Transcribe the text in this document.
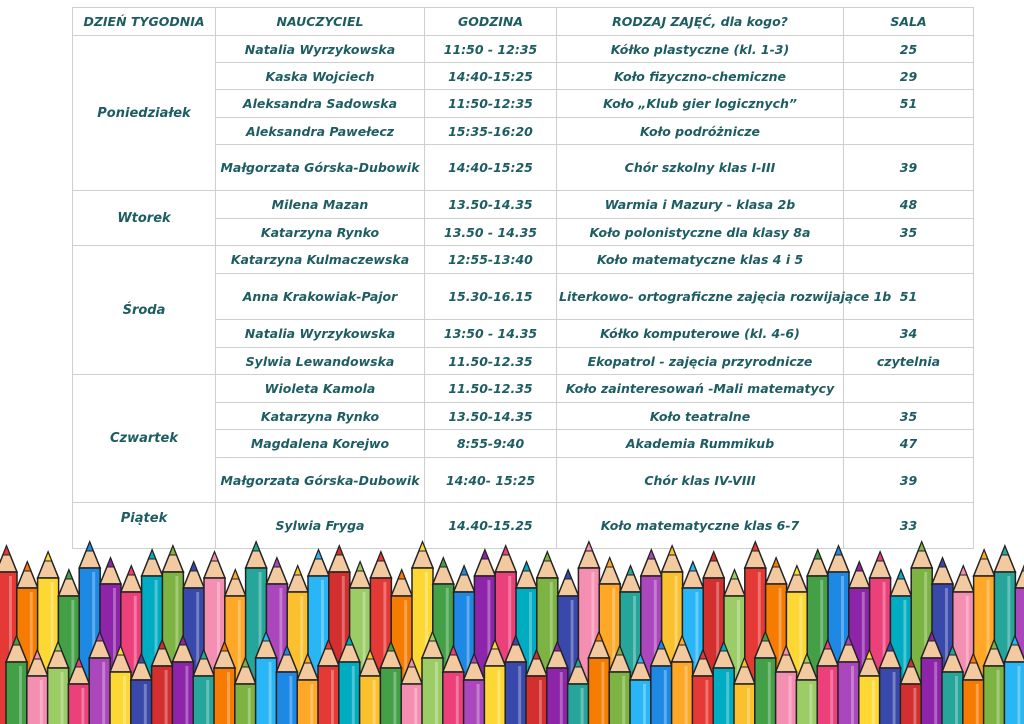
DZIEŃ TYGODNIA	NAUCZYCIEL	GODZINA	RODZAJ ZAJĘĆ, dla kogo?	SALA
Poniedziałek	Natalia Wyrzykowska	11:50 - 12:35	Kółko plastyczne (kl. 1-3)	25
	Kaska Wojciech	14:40-15:25	Koło fizyczno-chemiczne	29
	Aleksandra Sadowska	11:50-12:35	Koło „Klub gier logicznych”	51
	Aleksandra Pawełecz	15:35-16:20	Koło podróżnicze	
	Małgorzata Górska-Dubowik	14:40-15:25	Chór szkolny klas I-III	39
Wtorek	Milena Mazan	13.50-14.35	Warmia i Mazury - klasa 2b	48
	Katarzyna Rynko	13.50 - 14.35	Koło polonistyczne dla klasy 8a	35
Środa	Katarzyna Kulmaczewska	12:55-13:40	Koło matematyczne klas 4 i 5	
	Anna Krakowiak-Pajor	15.30-16.15	Literkowo- ortograficzne zajęcia rozwijające 1b	51
	Natalia Wyrzykowska	13:50 - 14.35	Kółko komputerowe (kl. 4-6)	34
	Sylwia Lewandowska	11.50-12.35	Ekopatrol - zajęcia przyrodnicze	czytelnia
Czwartek	Wioleta Kamola	11.50-12.35	Koło zainteresowań -Mali matematycy	
	Katarzyna Rynko	13.50-14.35	Koło teatralne	35
	Magdalena Korejwo	8:55-9:40	Akademia Rummikub	47
	Małgorzata Górska-Dubowik	14:40- 15:25	Chór klas IV-VIII	39
Piątek	Sylwia Fryga	14.40-15.25	Koło matematyczne klas 6-7	33
